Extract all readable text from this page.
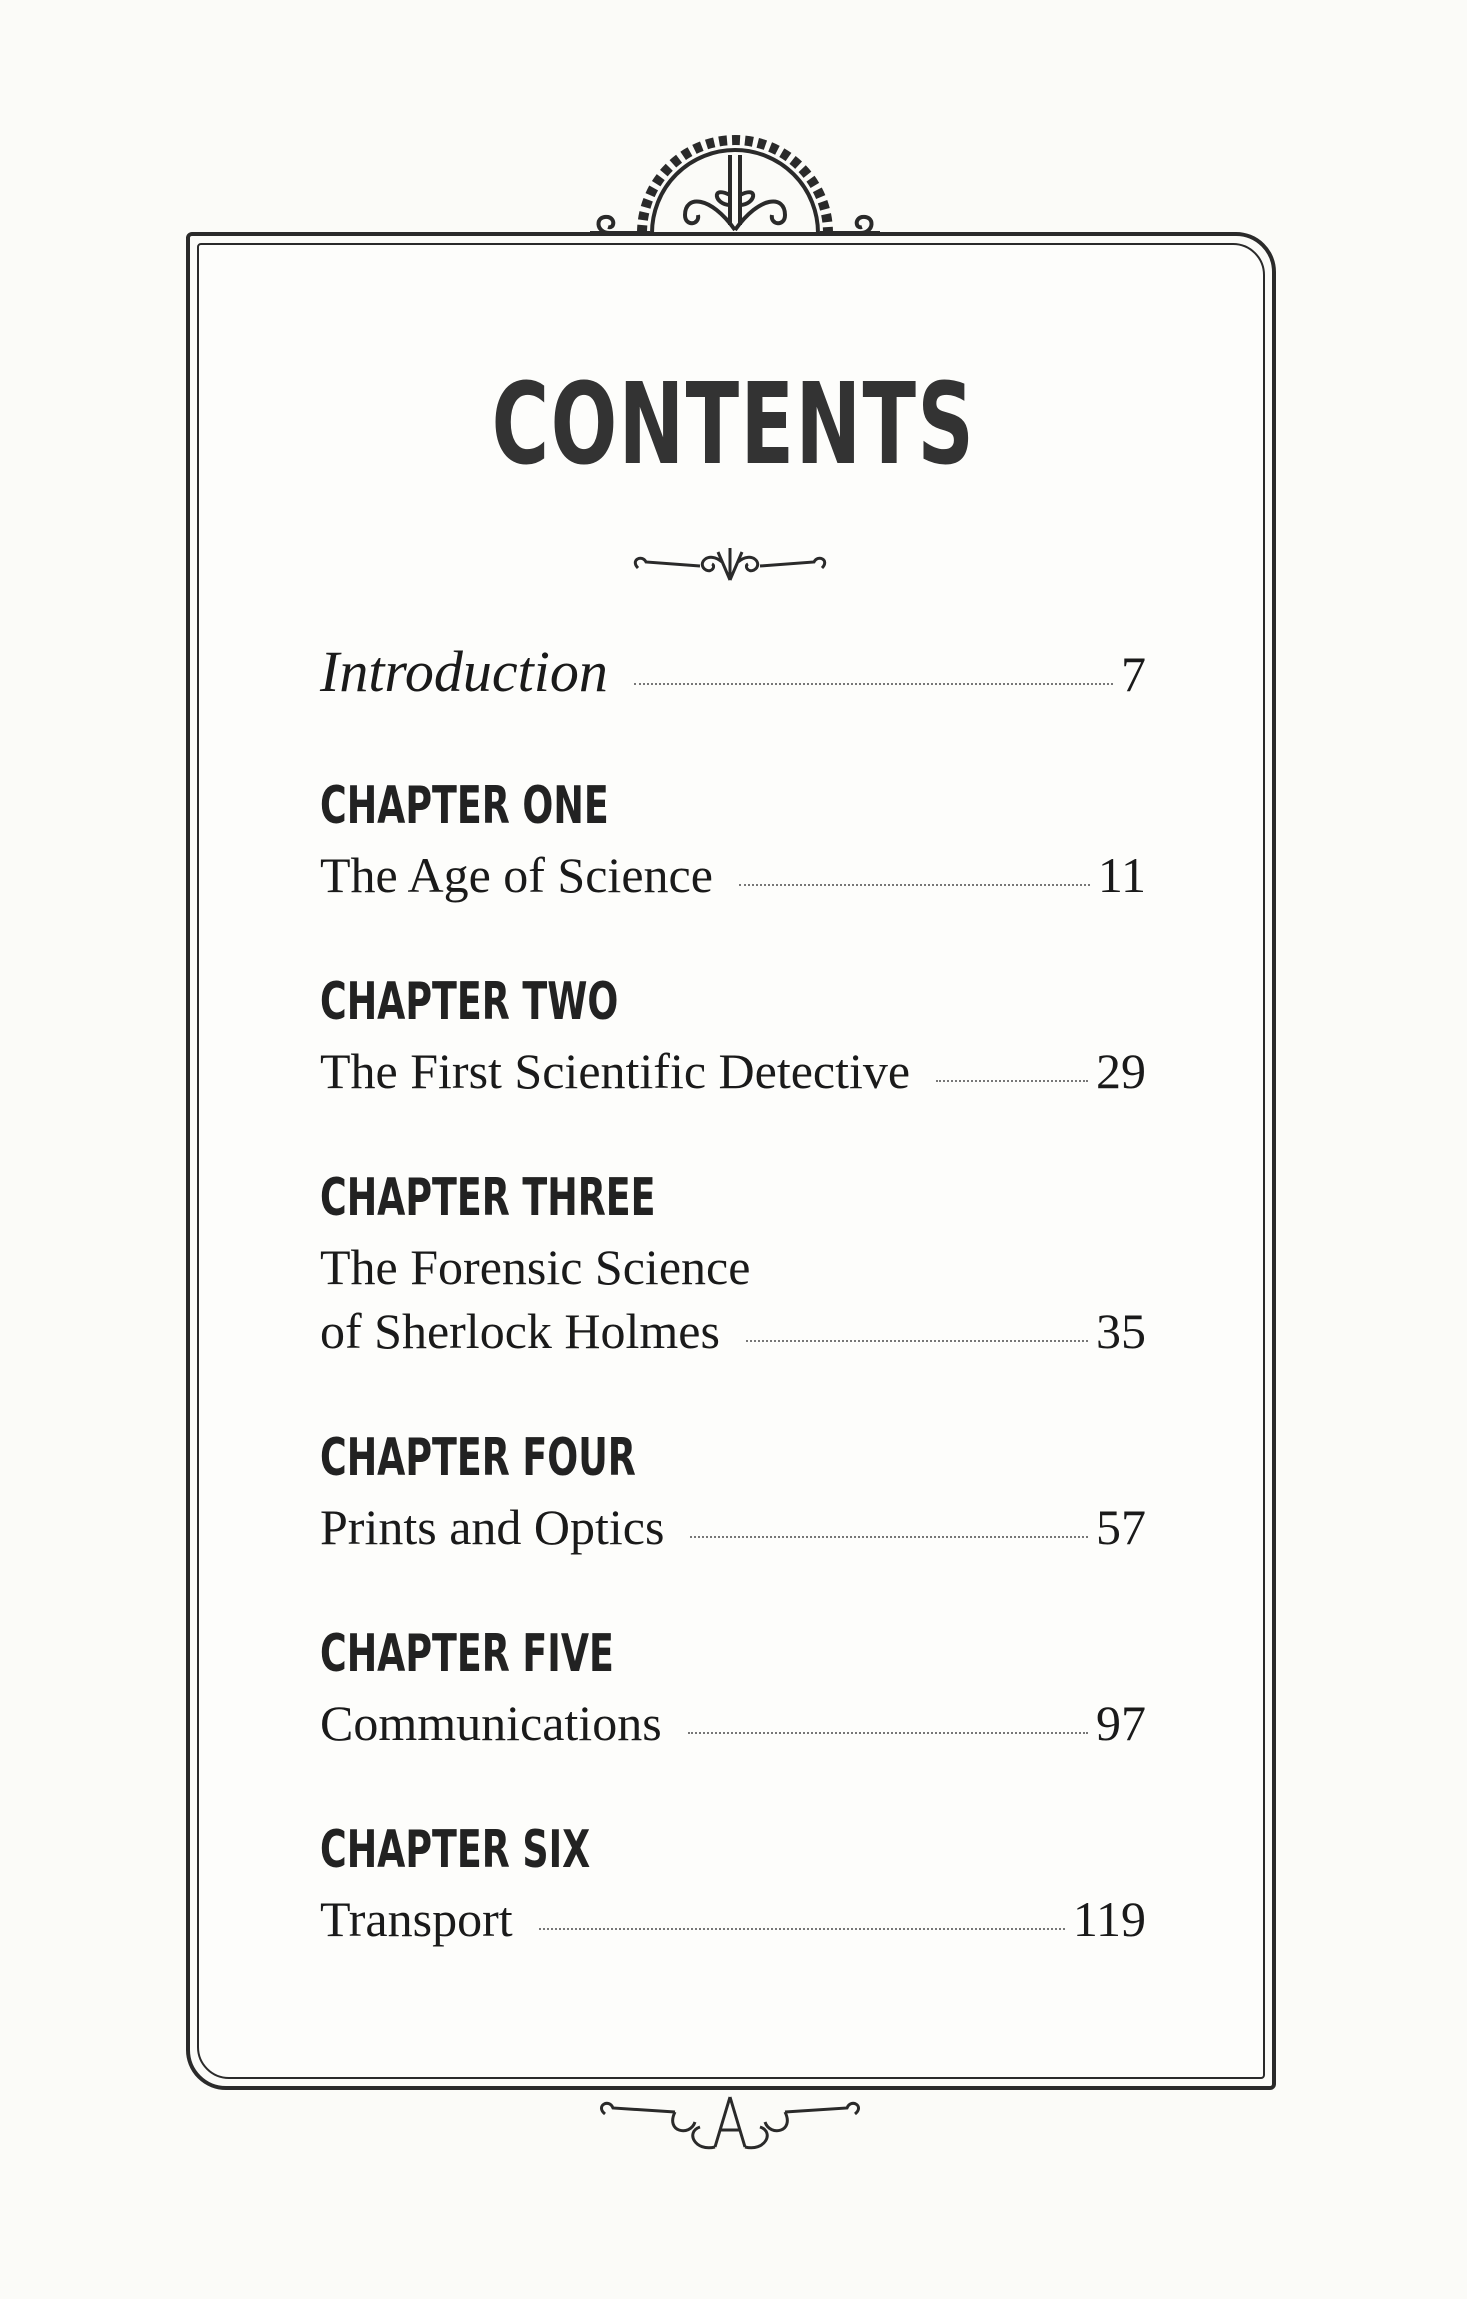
CONTENTS
Introduction	7
CHAPTER ONE
The Age of Science	11
CHAPTER TWO
The First Scientific Detective	29
CHAPTER THREE
The Forensic Science
of Sherlock Holmes	35
CHAPTER FOUR
Prints and Optics	57
CHAPTER FIVE
Communications	97
CHAPTER SIX
Transport	119
